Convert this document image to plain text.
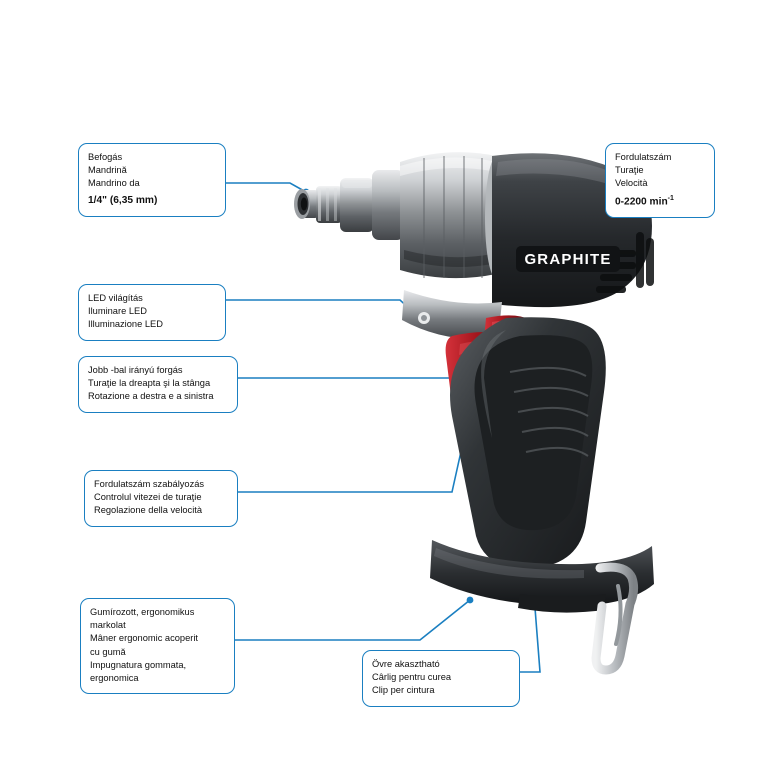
GRAPHITE
Befogás
Mandrină
Mandrino da
1/4" (6,35 mm)
Fordulatszám
Turaţie
Velocità
0-2200 $\min^{-1}$
LED világítás
Iluminare LED
Illuminazione LED
Jobb -bal irányú forgás
Turaţie la dreapta şi la stânga
Rotazione a destra e a sinistra
Fordulatszám szabályozás
Controlul vitezei de turaţie
Regolazione della velocità
Gumírozott, ergonomikus
markolat
Mâner ergonomic acoperit
cu gumă
Impugnatura gommata,
ergonomica
Övre akasztható
Cârlig pentru curea
Clip per cintura
